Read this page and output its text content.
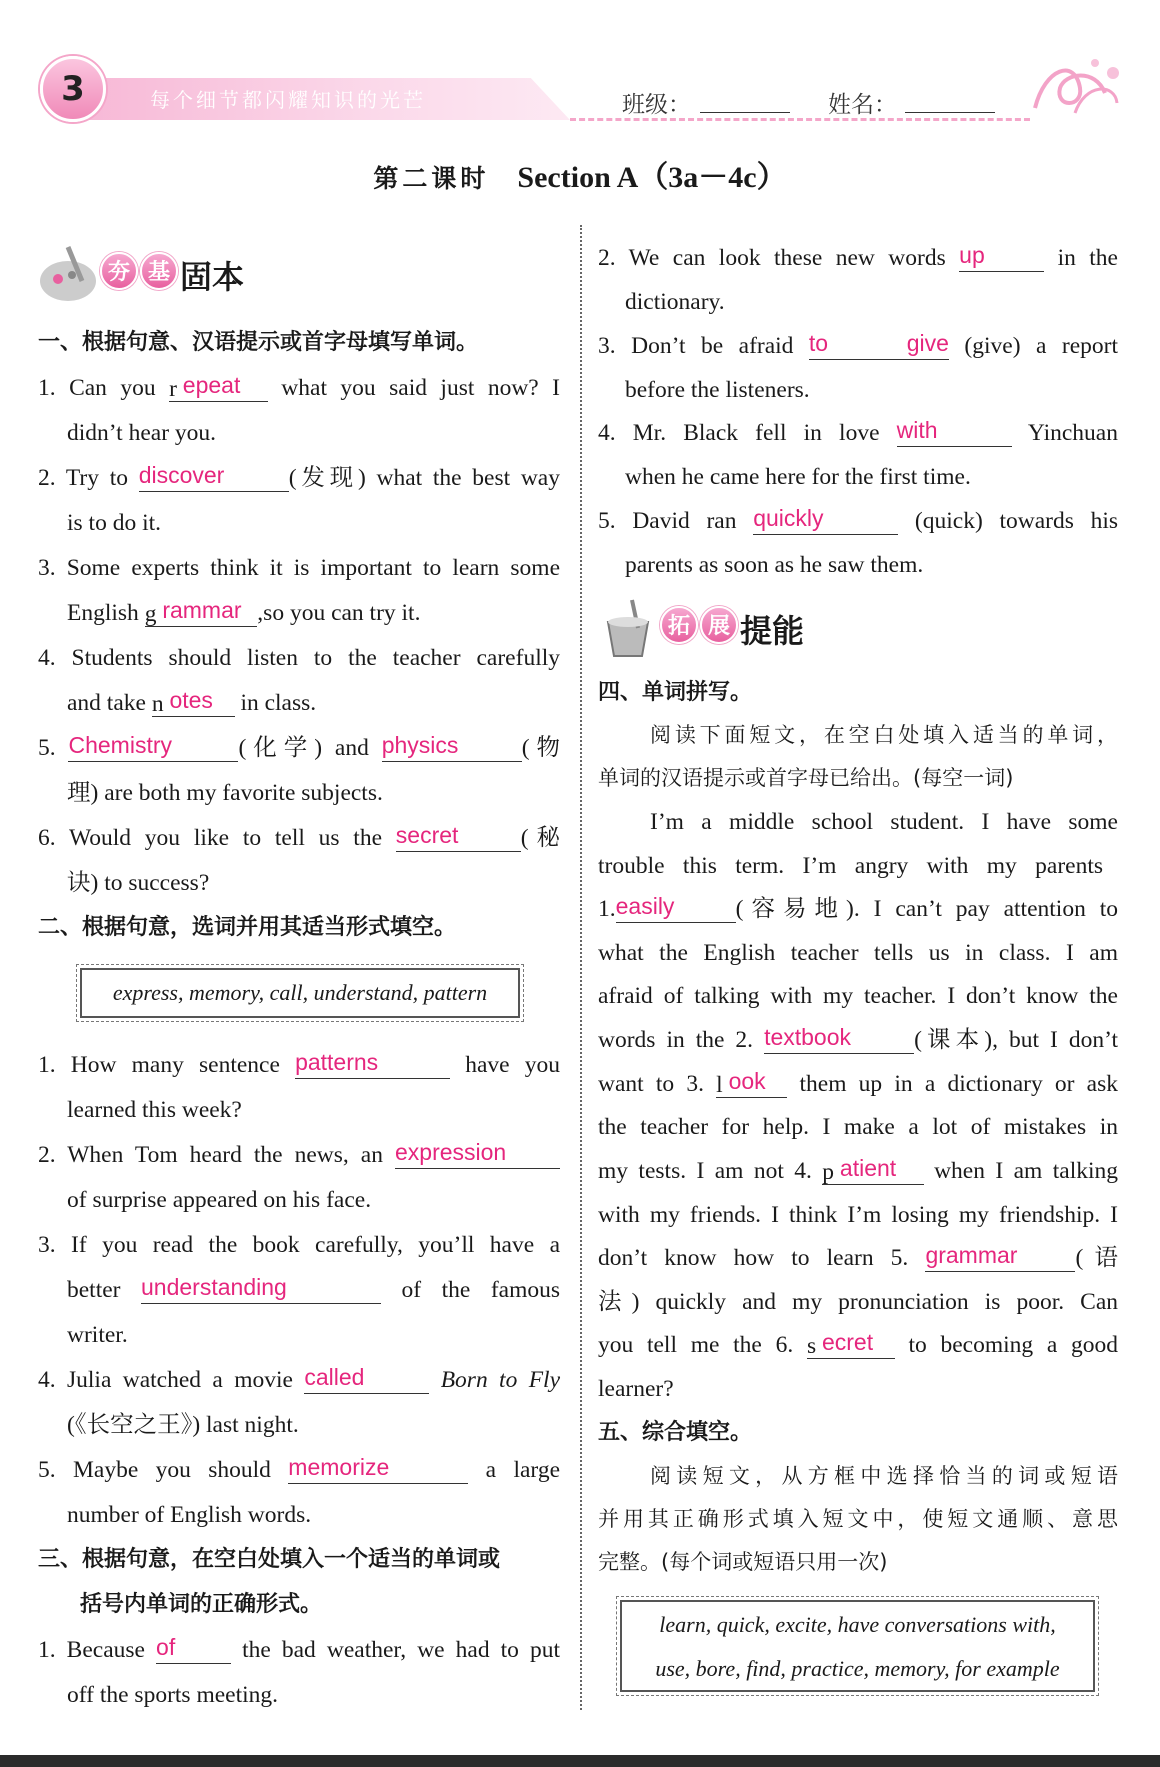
3	每个细节都闪耀知识的光芒	班级：	姓名：
第二课时 Section A（3a－4c）
夯 基 固本
一、根据句意、汉语提示或首字母填写单词。
1. Can you r epeat what you said just now? I
didn’t hear you.
2. Try to discover	(发现) what the best way
is to do it.
3. Some experts think it is important to learn some
English g rammar ,so you can try it.
4. Students should listen to the teacher carefully
and take n otes    in class.
5. Chemistry	(化学) and physics	(物
理) are both my favorite subjects.
6. Would you like to tell us the secret	(秘
诀) to success?
二、根据句意，选词并用其适当形式填空。
express, memory, call, understand, pattern
1. How many sentence patterns	have you
learned this week?
2. When Tom heard the news, an expression
of surprise appeared on his face.
3. If you read the book carefully, you’ll have a
better understanding	of the famous
writer.
4. Julia watched a movie called	Born to Fly
(《长空之王》) last night.
5. Maybe you should memorize	a large
number of English words.
三、根据句意，在空白处填入一个适当的单词或
括号内单词的正确形式。
1. Because of	the bad weather, we had to put
off the sports meeting.
2. We can look these new words up	in the
dictionary.
3. Don’t be afraid to give (give) a report
before the listeners.
4. Mr. Black fell in love with	Yinchuan
when he came here for the first time.
5. David ran quickly	(quick) towards his
parents as soon as he saw them.
拓 展 提能
四、单词拼写。
阅读下面短文，在空白处填入适当的单词，
单词的汉语提示或首字母已给出。(每空一词)
I’m a middle school student. I have some
trouble this term. I’m angry with my parents
1.easily	(容易地). I can’t pay attention to
what the English teacher tells us in class. I am
afraid of talking with my teacher. I don’t know the
words in the 2. textbook	(课本), but I don’t
want to 3. l ook    them up in a dictionary or ask
the teacher for help. I make a lot of mistakes in
my tests. I am not 4. p atient     when I am talking
with my friends. I think I’m losing my friendship. I
don’t know how to learn 5. grammar (语
法) quickly and my pronunciation is poor. Can
you tell me the 6. s ecret    to becoming a good
learner?
五、综合填空。
阅读短文，从方框中选择恰当的词或短语
并用其正确形式填入短文中，使短文通顺、意思
完整。(每个词或短语只用一次)
learn, quick, excite, have conversations with,
use, bore, find, practice, memory, for example
